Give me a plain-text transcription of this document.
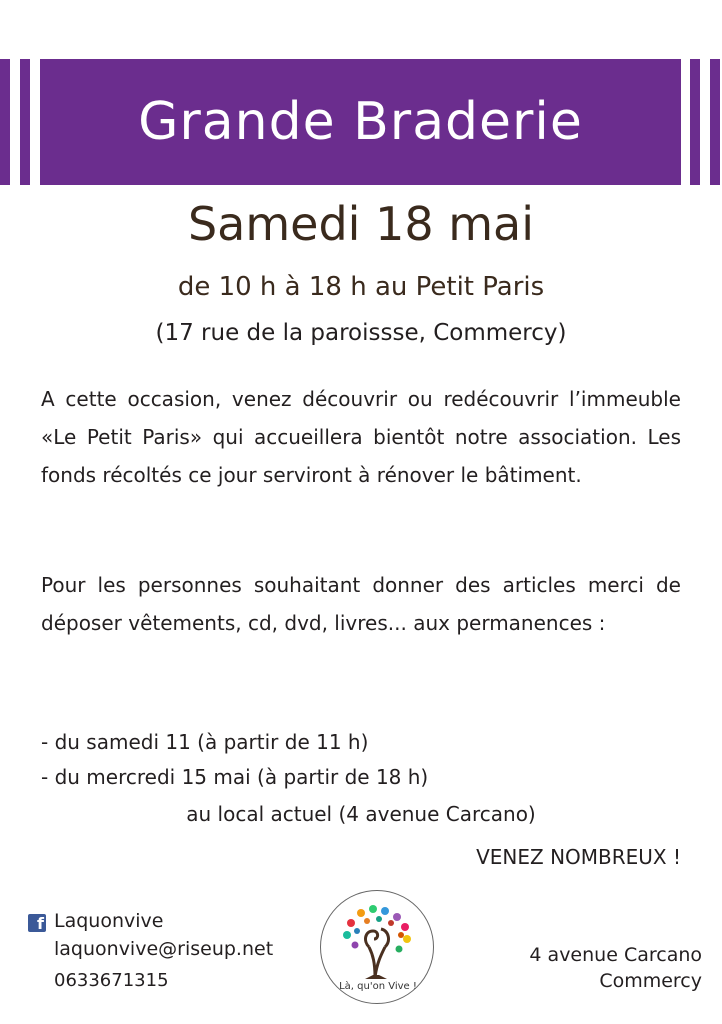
Grande Braderie
Samedi 18 mai
de 10 h à 18 h au Petit Paris
(17 rue de la paroissse, Commercy)
A cette occasion, venez découvrir ou redécouvrir l’immeuble «Le Petit Paris» qui accueillera bientôt notre association. Les fonds récoltés ce jour serviront à rénover le bâtiment.
Pour les personnes souhaitant donner des articles merci de déposer vêtements, cd, dvd, livres... aux permanences :
- du samedi 11 (à partir de 11 h)
- du mercredi 15 mai (à partir de 18 h)
au local actuel (4 avenue Carcano)
VENEZ NOMBREUX !
f Laquonvive
laquonvive@riseup.net
0633671315	Là, qu'on Vive !
4 avenue Carcano
Commercy
